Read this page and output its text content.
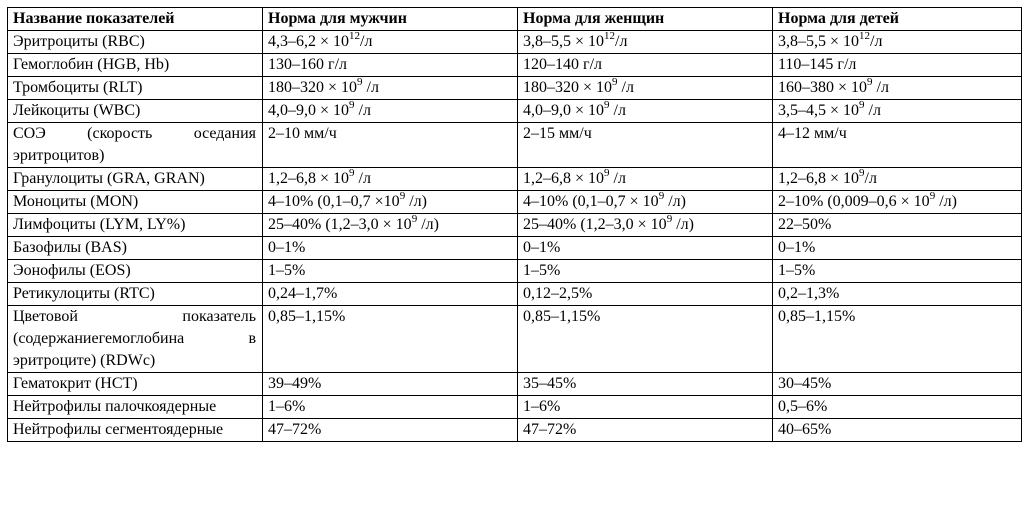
Название показателей	Норма для мужчин	Норма для женщин	Норма для детей
Эритроциты (RBC)	$4,3-6,2 \times 10^{12}/л$	$3,8-5,5 \times 10^{12}/л$	$3,8-5,5 \times 10^{12}/л$
Гемоглобин (HGB, Hb)	130–160 г/л	120–140 г/л	110–145 г/л
Тромбоциты (RLT)	$180-320 \times 10^9$ /л	$180-320 \times 10^9$ /л	$160-380 \times 10^9$ /л
Лейкоциты (WBC)	$4,0-9,0 \times 10^9$ /л	$4,0-9,0 \times 10^9$ /л	$3,5-4,5 \times 10^9$ /л
СОЭ (скорость оседания эритроцитов)	2–10 мм/ч	2–15 мм/ч	4–12 мм/ч
Гранулоциты (GRA, GRAN)	$1,2-6,8 \times 10^9$ /л	$1,2-6,8 \times 10^9$ /л	$1,2-6,8 \times 10^9/л$
Моноциты (MON)	4–10% ($0,1-0,7 \times 10^9$ /л)	4–10% ($0,1-0,7 \times 10^9$ /л)	2–10% ($0,009-0,6 \times 10^9$ /л)
Лимфоциты (LYM, LY%)	25–40% ($1,2-3,0 \times 10^9$ /л)	25–40% ($1,2-3,0 \times 10^9$ /л)	22–50%
Базофилы (BAS)	0–1%	0–1%	0–1%
Эонофилы (EOS)	1–5%	1–5%	1–5%
Ретикулоциты (RTC)	0,24–1,7%	0,12–2,5%	0,2–1,3%
Цветовой показатель (содержаниегемоглобина в эритроците) (RDWc)	0,85–1,15%	0,85–1,15%	0,85–1,15%
Гематокрит (HCT)	39–49%	35–45%	30–45%
Нейтрофилы палочкоядерные	1–6%	1–6%	0,5–6%
Нейтрофилы сегментоядерные	47–72%	47–72%	40–65%
